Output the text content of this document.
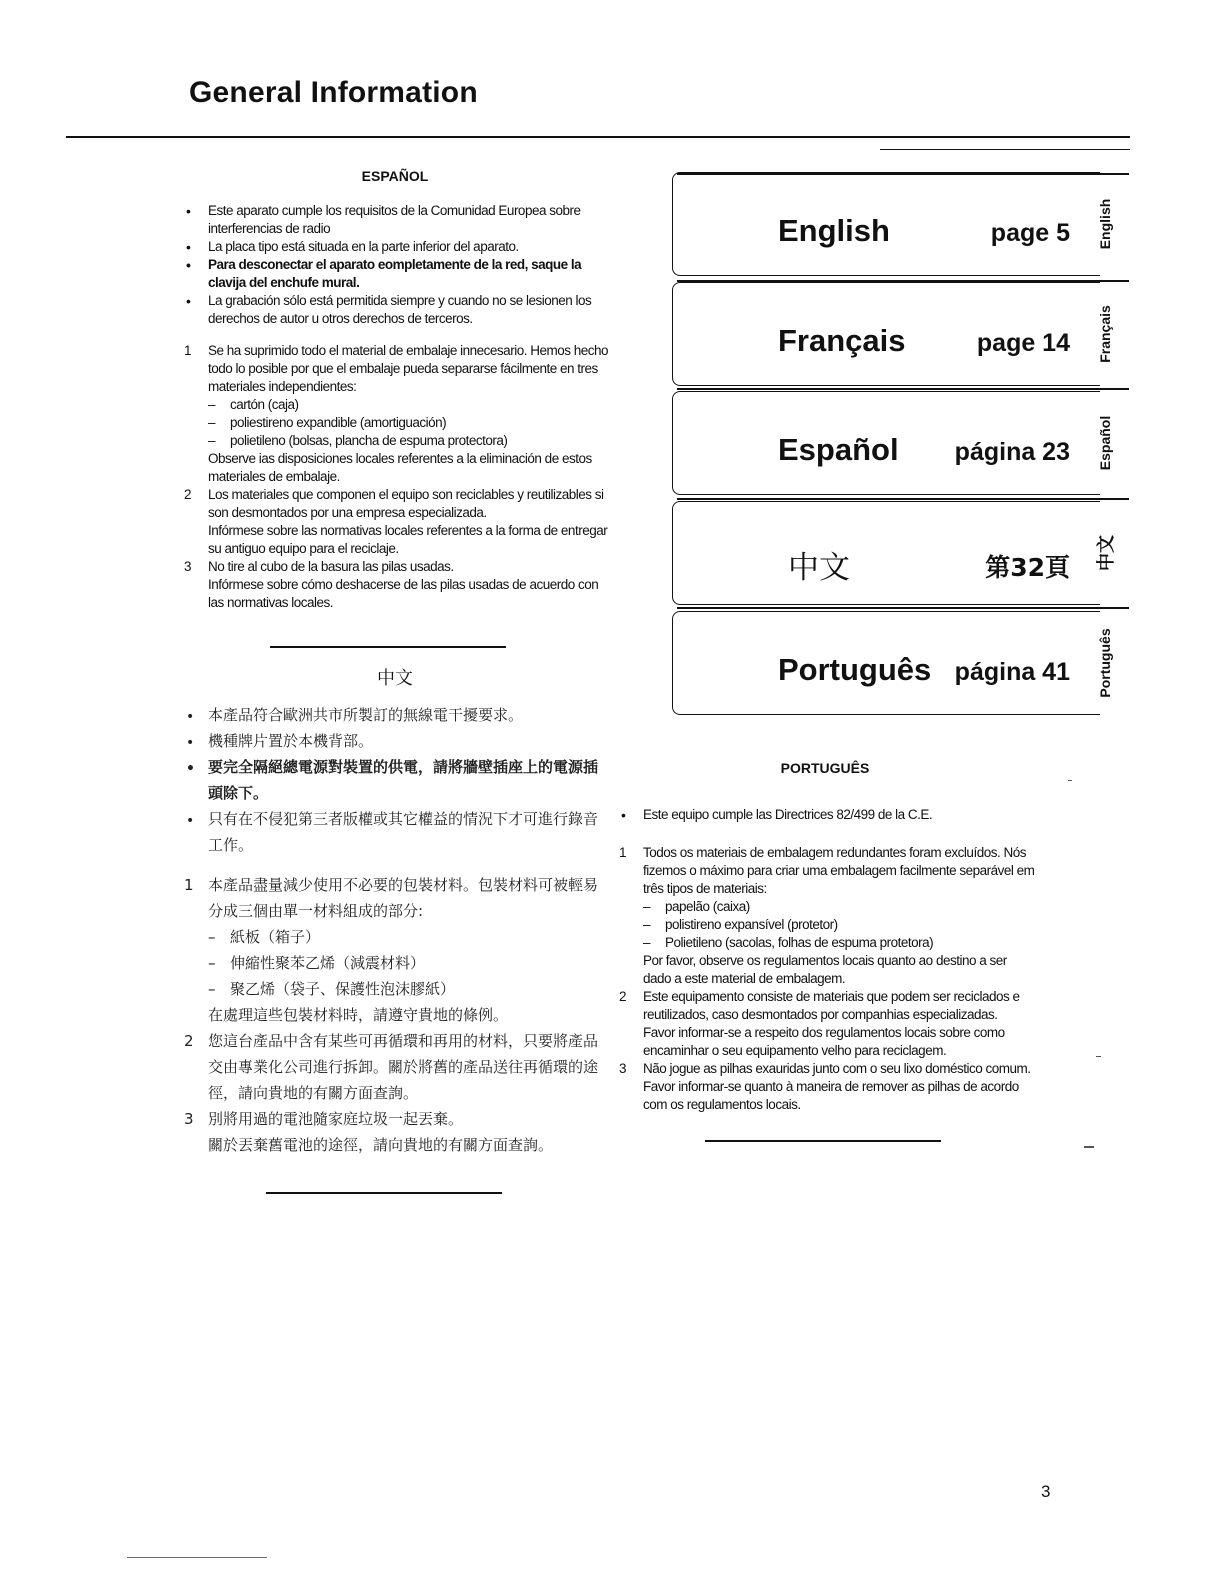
General Information
ESPAÑOL
• Este aparato cumple los requisitos de la Comunidad Europea sobre interferencias de radio
• La placa tipo está situada en la parte inferior del aparato.
• Para desconectar el aparato eompletamente de la red, saque la clavija del enchufe mural.
• La grabación sólo está permitida siempre y cuando no se lesionen los derechos de autor u otros derechos de terceros.
1 Se ha suprimido todo el material de embalaje innecesario. Hemos hecho todo lo posible por que el embalaje pueda separarse fácilmente en tres materiales independientes:
– cartón (caja)
– poliestireno expandible (amortiguación)
– polietileno (bolsas, plancha de espuma protectora)
Observe ias disposiciones locales referentes a la eliminación de estos materiales de embalaje.
2 Los materiales que componen el equipo son reciclables y reutilizables si son desmontados por una empresa especializada.
Infórmese sobre las normativas locales referentes a la forma de entregar su antiguo equipo para el reciclaje.
3 No tire al cubo de la basura las pilas usadas.
Infórmese sobre cómo deshacerse de las pilas usadas de acuerdo con las normativas locales.
中文
• 本產品符合歐洲共市所製訂的無線電干擾要求。
• 機種牌片置於本機背部。
• 要完全隔絕總電源對裝置的供電，請將牆壁插座上的電源插頭除下。
• 只有在不侵犯第三者版權或其它權益的情況下才可進行錄音工作。
1 本產品盡量減少使用不必要的包裝材料。包裝材料可被輕易分成三個由單一材料組成的部分:
– 紙板（箱子）
– 伸縮性聚苯乙烯（減震材料）
– 聚乙烯（袋子、保護性泡沫膠紙）
在處理這些包裝材料時，請遵守貴地的條例。
2 您這台產品中含有某些可再循環和再用的材料，只要將產品交由專業化公司進行拆卸。關於將舊的產品送往再循環的途徑，請向貴地的有關方面查詢。
3 別將用過的電池隨家庭垃圾一起丟棄。
關於丟棄舊電池的途徑，請向貴地的有關方面查詢。
English	page 5 English
Français	page 14 Français
Español página 23 Español
中文	第32頁 中文
Português página 41 Português
PORTUGUÊS
• Este equipo cumple las Directrices 82/499 de la C.E.
1 Todos os materiais de embalagem redundantes foram excluídos. Nós fizemos o máximo para criar uma embalagem facilmente separável em três tipos de materiais:
– papelão (caixa)
– polistireno expansível (protetor)
– Polietileno (sacolas, folhas de espuma protetora)
Por favor, observe os regulamentos locais quanto ao destino a ser dado a este material de embalagem.
2 Este equipamento consiste de materiais que podem ser reciclados e reutilizados, caso desmontados por companhias especializadas.
Favor informar-se a respeito dos regulamentos locais sobre como encaminhar o seu equipamento velho para reciclagem.
3 Não jogue as pilhas exauridas junto com o seu lixo doméstico comum.
Favor informar-se quanto à maneira de remover as pilhas de acordo com os regulamentos locais.
3
